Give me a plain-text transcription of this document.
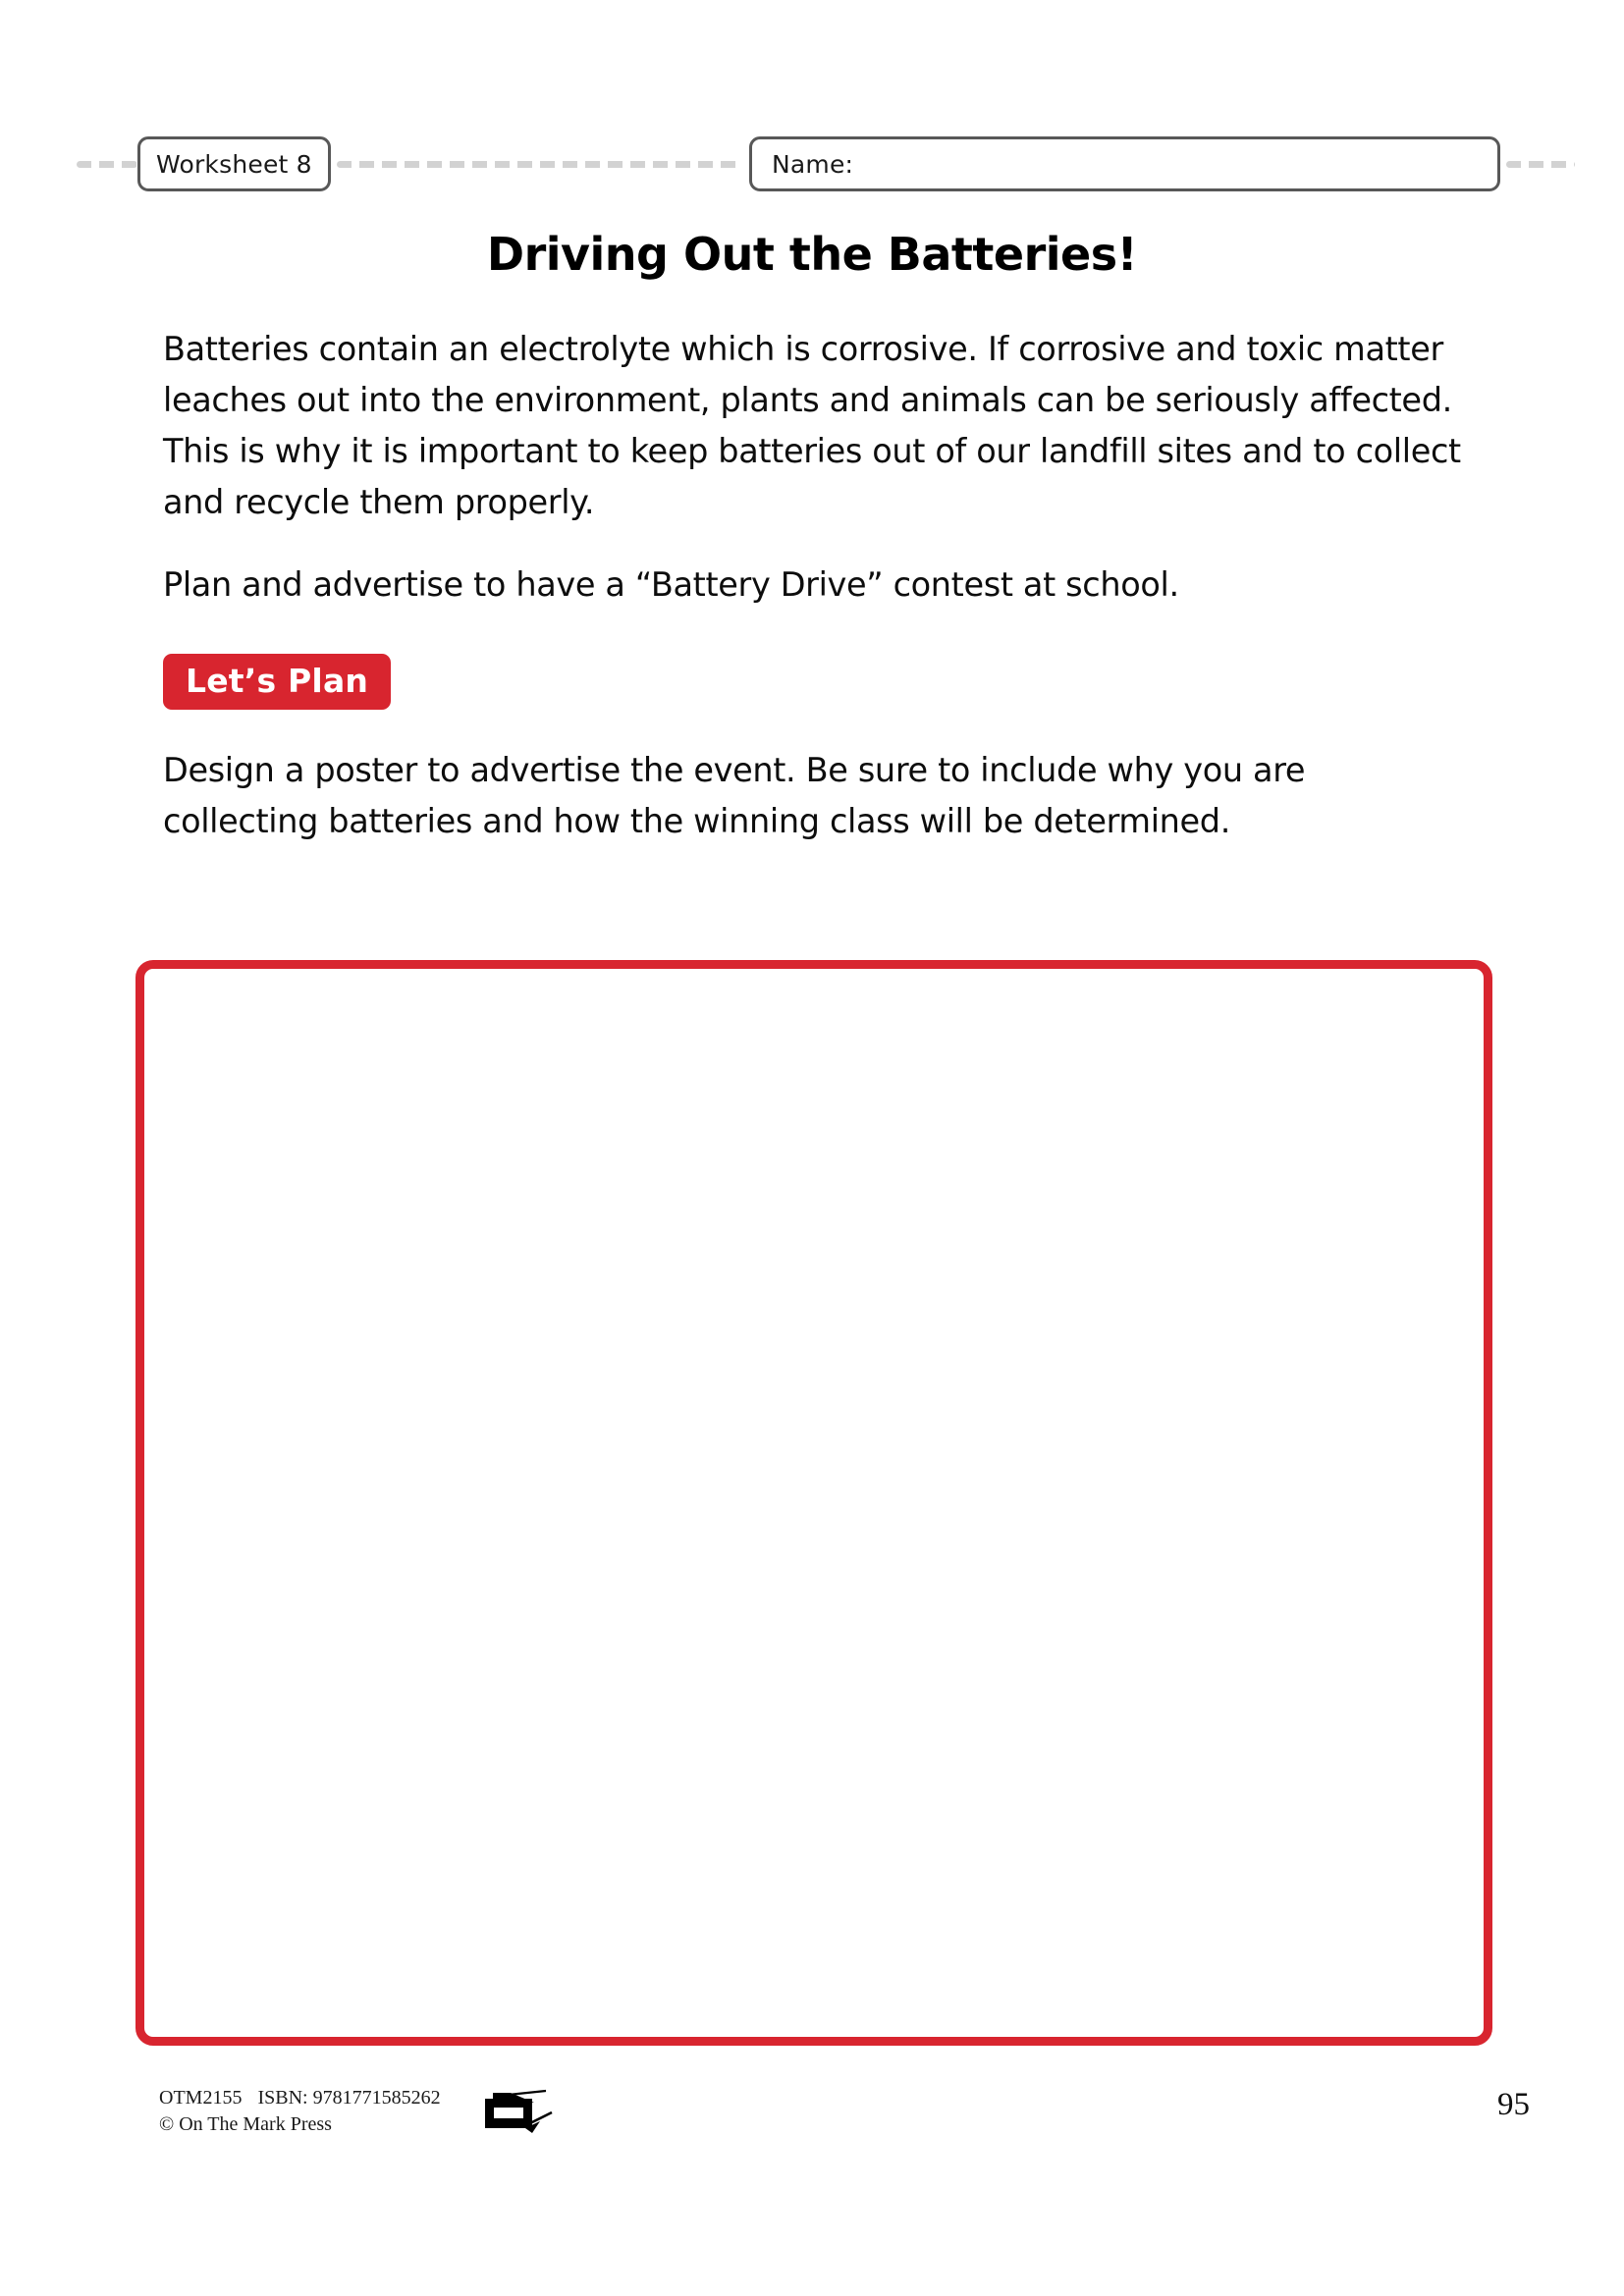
Worksheet 8	Name:
Driving Out the Batteries!

Batteries contain an electrolyte which is corrosive. If corrosive and toxic matter leaches out into the environment, plants and animals can be seriously affected. This is why it is important to keep batteries out of our landfill sites and to collect and recycle them properly.

Plan and advertise to have a “Battery Drive” contest at school.

Let’s Plan

Design a poster to advertise the event. Be sure to include why you are collecting batteries and how the winning class will be determined.

OTM2155 ISBN: 9781771585262
© On The Mark Press
95
